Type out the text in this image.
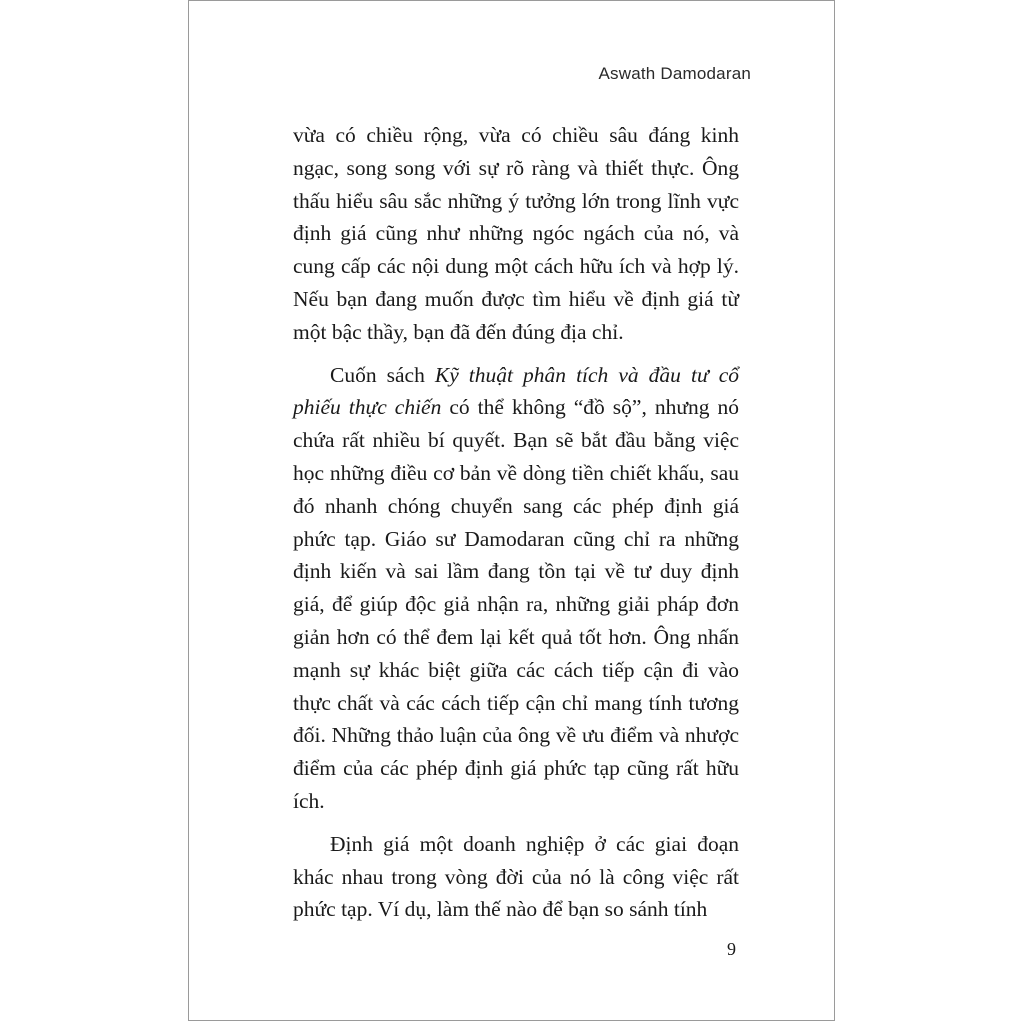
Aswath Damodaran

vừa có chiều rộng, vừa có chiều sâu đáng kinh ngạc, song song với sự rõ ràng và thiết thực. Ông thấu hiểu sâu sắc những ý tưởng lớn trong lĩnh vực định giá cũng như những ngóc ngách của nó, và cung cấp các nội dung một cách hữu ích và hợp lý. Nếu bạn đang muốn được tìm hiểu về định giá từ một bậc thầy, bạn đã đến đúng địa chỉ.

Cuốn sách Kỹ thuật phân tích và đầu tư cổ phiếu thực chiến có thể không “đồ sộ”, nhưng nó chứa rất nhiều bí quyết. Bạn sẽ bắt đầu bằng việc học những điều cơ bản về dòng tiền chiết khấu, sau đó nhanh chóng chuyển sang các phép định giá phức tạp. Giáo sư Damodaran cũng chỉ ra những định kiến và sai lầm đang tồn tại về tư duy định giá, để giúp độc giả nhận ra, những giải pháp đơn giản hơn có thể đem lại kết quả tốt hơn. Ông nhấn mạnh sự khác biệt giữa các cách tiếp cận đi vào thực chất và các cách tiếp cận chỉ mang tính tương đối. Những thảo luận của ông về ưu điểm và nhược điểm của các phép định giá phức tạp cũng rất hữu ích.

Định giá một doanh nghiệp ở các giai đoạn khác nhau trong vòng đời của nó là công việc rất phức tạp. Ví dụ, làm thế nào để bạn so sánh tính

9
